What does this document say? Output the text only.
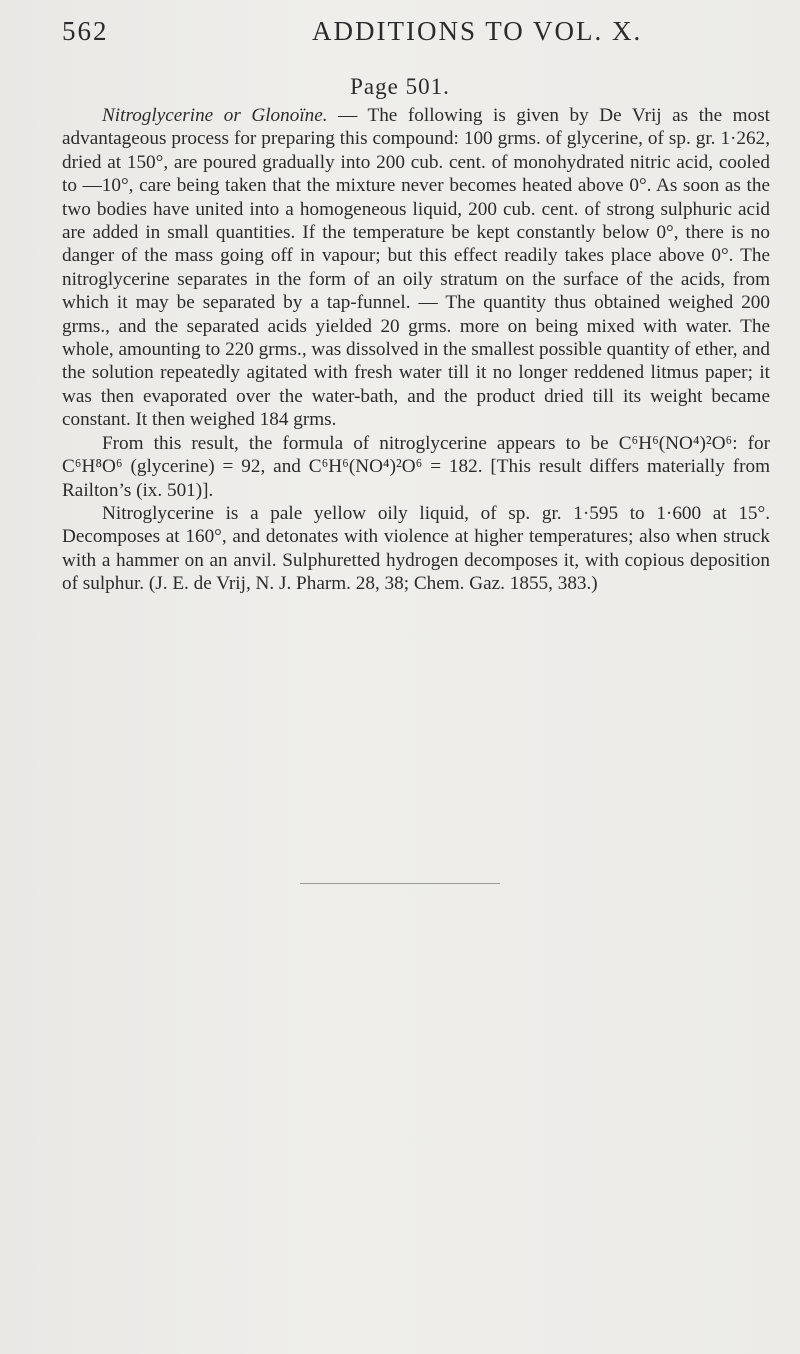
562	ADDITIONS TO VOL. X.
Page 501.

Nitroglycerine or Glonoïne. — The following is given by De Vrij as the most advantageous process for preparing this compound: 100 grms. of glycerine, of sp. gr. 1·262, dried at 150°, are poured gradually into 200 cub. cent. of monohydrated nitric acid, cooled to —10°, care being taken that the mixture never becomes heated above 0°. As soon as the two bodies have united into a homogeneous liquid, 200 cub. cent. of strong sulphuric acid are added in small quantities. If the temperature be kept constantly below 0°, there is no danger of the mass going off in vapour; but this effect readily takes place above 0°. The nitroglycerine separates in the form of an oily stratum on the surface of the acids, from which it may be separated by a tap-funnel. — The quantity thus obtained weighed 200 grms., and the separated acids yielded 20 grms. more on being mixed with water. The whole, amounting to 220 grms., was dissolved in the smallest possible quantity of ether, and the solution repeatedly agitated with fresh water till it no longer reddened litmus paper; it was then evaporated over the water-bath, and the product dried till its weight became constant. It then weighed 184 grms.

From this result, the formula of nitroglycerine appears to be C⁶H⁶(NO⁴)²O⁶: for C⁶H⁸O⁶ (glycerine) = 92, and C⁶H⁶(NO⁴)²O⁶ = 182. [This result differs materially from Railton’s (ix. 501)].

Nitroglycerine is a pale yellow oily liquid, of sp. gr. 1·595 to 1·600 at 15°. Decomposes at 160°, and detonates with violence at higher temperatures; also when struck with a hammer on an anvil. Sulphuretted hydrogen decomposes it, with copious deposition of sulphur. (J. E. de Vrij, N. J. Pharm. 28, 38; Chem. Gaz. 1855, 383.)
